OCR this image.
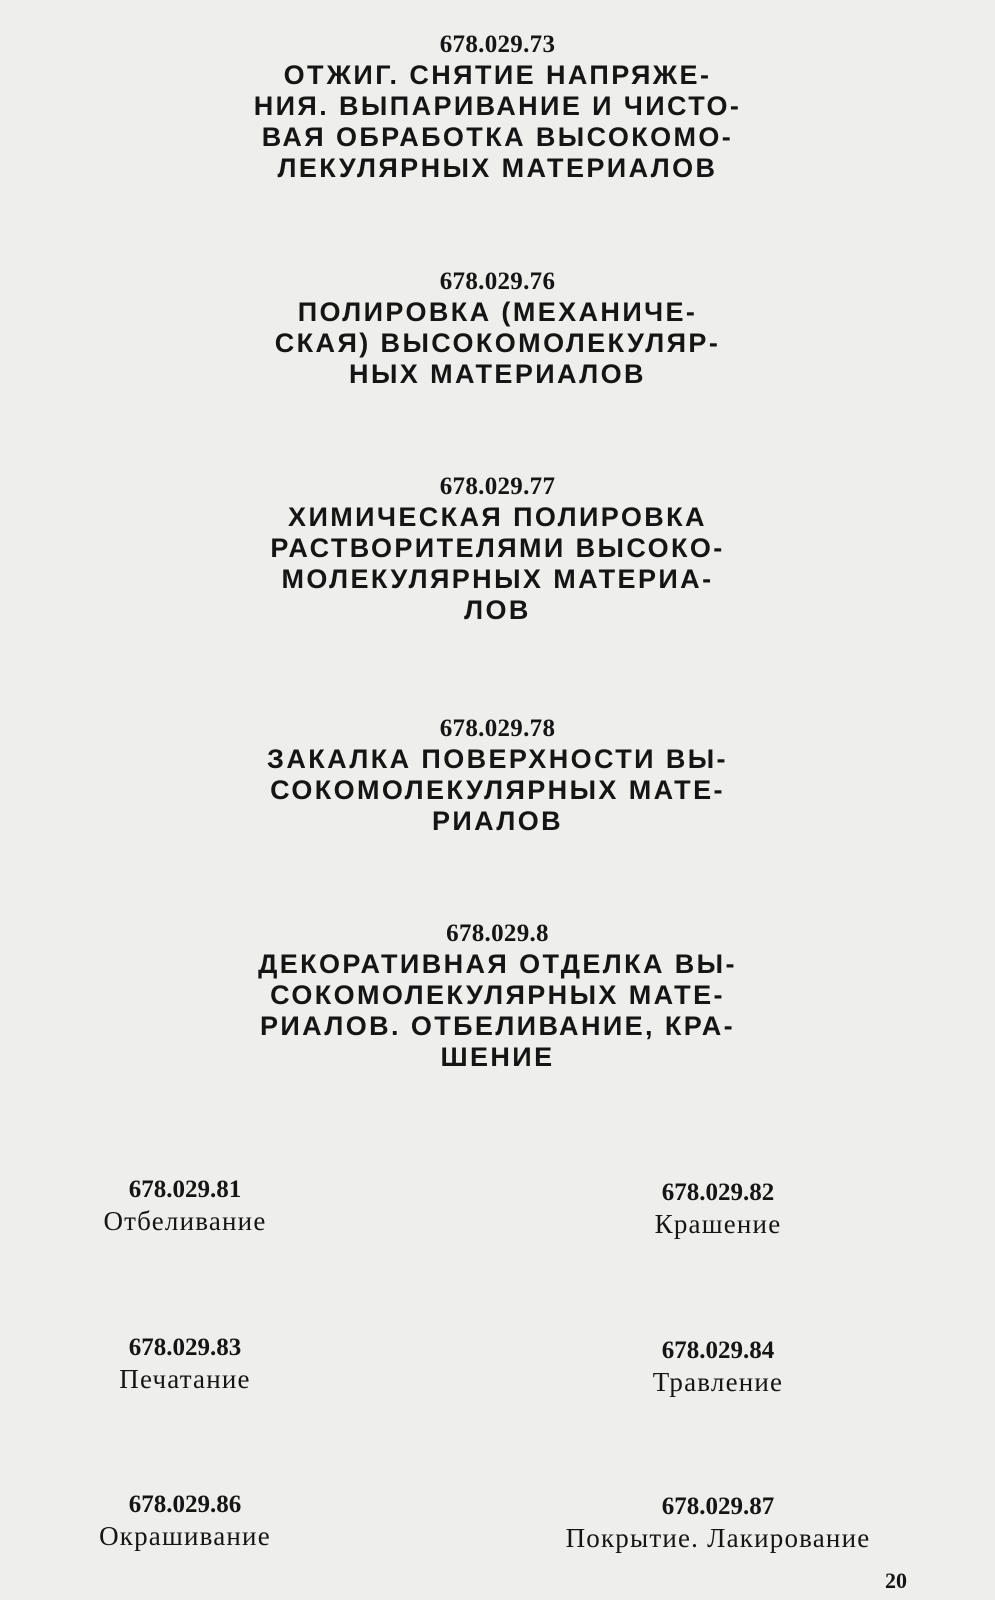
678.029.73
ОТЖИГ. СНЯТИЕ НАПРЯЖЕ-
НИЯ. ВЫПАРИВАНИЕ И ЧИСТО-
ВАЯ ОБРАБОТКА ВЫСОКОМО-
ЛЕКУЛЯРНЫХ МАТЕРИАЛОВ
678.029.76
ПОЛИРОВКА (МЕХАНИЧЕ-
СКАЯ) ВЫСОКОМОЛЕКУЛЯР-
НЫХ МАТЕРИАЛОВ
678.029.77
ХИМИЧЕСКАЯ ПОЛИРОВКА
РАСТВОРИТЕЛЯМИ ВЫСОКО-
МОЛЕКУЛЯРНЫХ МАТЕРИА-
ЛОВ
678.029.78
ЗАКАЛКА ПОВЕРХНОСТИ ВЫ-
СОКОМОЛЕКУЛЯРНЫХ МАТЕ-
РИАЛОВ
678.029.8
ДЕКОРАТИВНАЯ ОТДЕЛКА ВЫ-
СОКОМОЛЕКУЛЯРНЫХ МАТЕ-
РИАЛОВ. ОТБЕЛИВАНИЕ, КРА-
ШЕНИЕ
678.029.81
Отбеливание
678.029.82
Крашение
678.029.83
Печатание
678.029.84
Травление
678.029.86
Окрашивание
678.029.87
Покрытие. Лакирование
20
